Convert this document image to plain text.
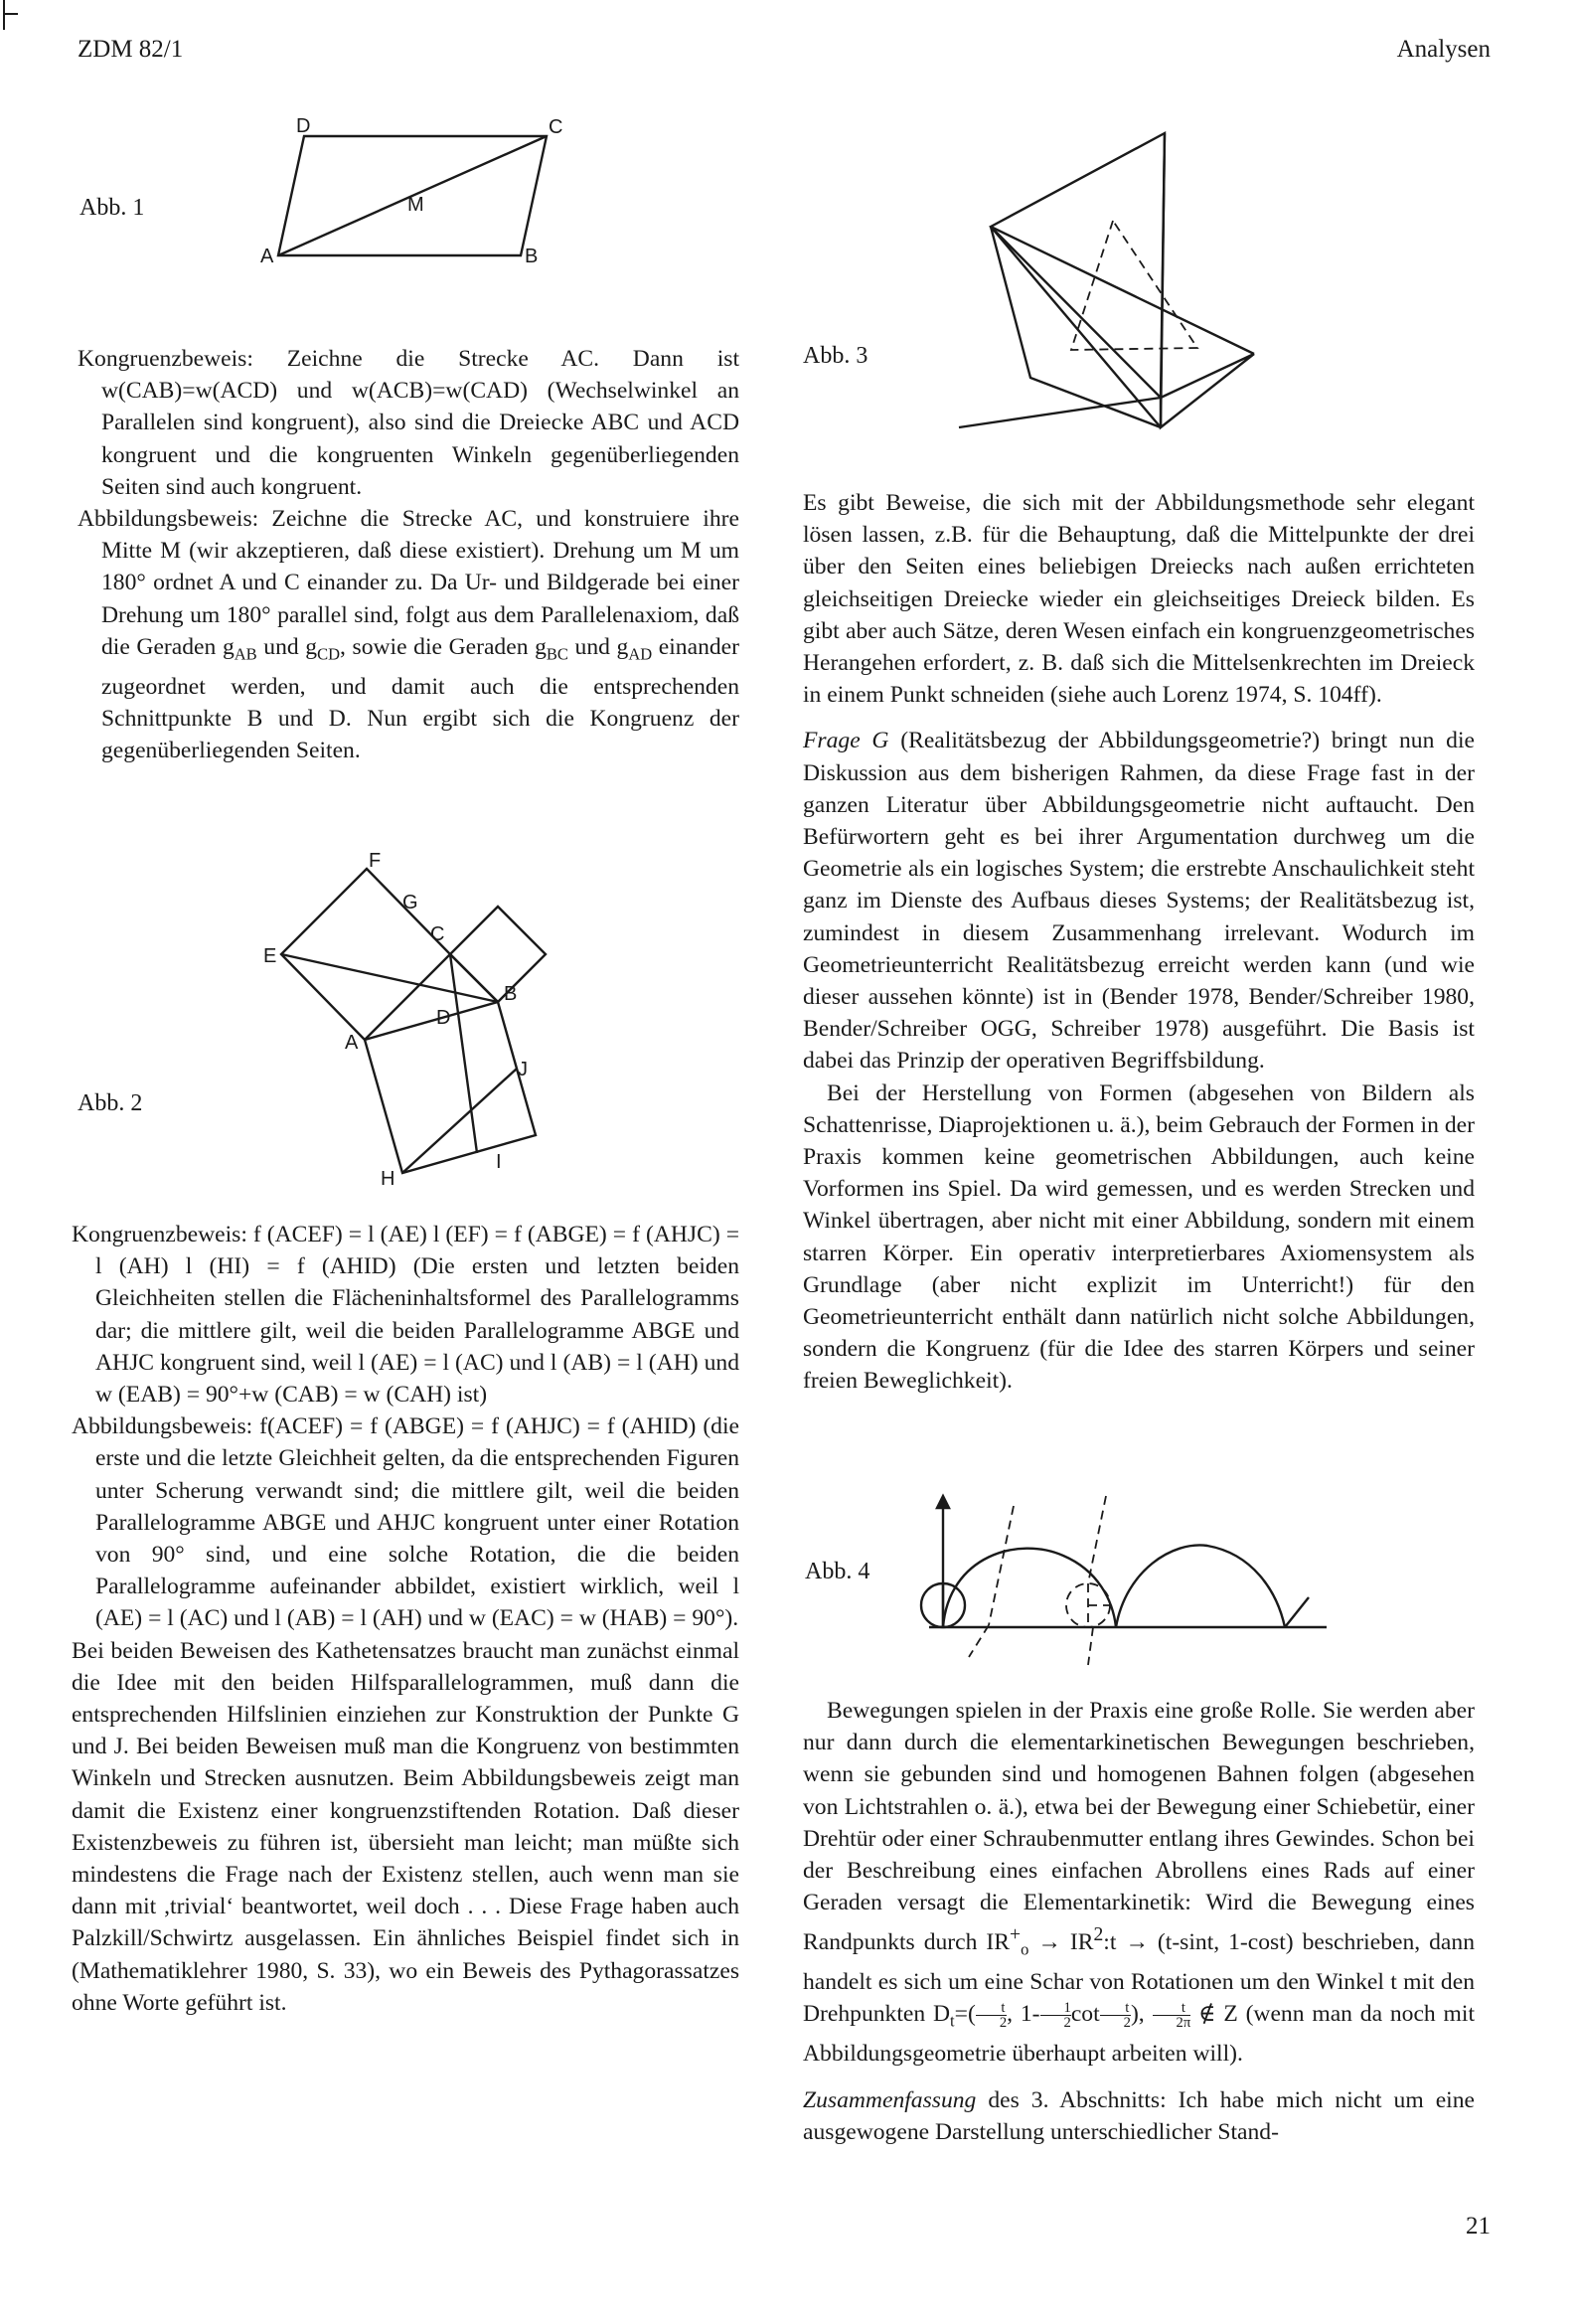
ZDM 82/1	Analysen
Abb. 1
D	C
M
A	B

Kongruenzbeweis: Zeichne die Strecke AC. Dann ist w(CAB)=w(ACD) und w(ACB)=w(CAD) (Wechselwinkel an Parallelen sind kongruent), also sind die Dreiecke ABC und ACD kongruent und die kongruenten Winkeln gegenüberliegenden Seiten sind auch kongruent.

Abbildungsbeweis: Zeichne die Strecke AC, und konstruiere ihre Mitte M (wir akzeptieren, daß diese existiert). Drehung um M um 180° ordnet A und C einander zu. Da Ur- und Bildgerade bei einer Drehung um 180° parallel sind, folgt aus dem Parallelenaxiom, daß die Geraden $g_{AB}$ und $g_{CD}$, sowie die Geraden $g_{BC}$ und $g_{AD}$ einander zugeordnet werden, und damit auch die entsprechenden Schnittpunkte B und D. Nun ergibt sich die Kongruenz der gegenüberliegenden Seiten.

Abb. 2
F
G
C
E
B
D
A
J
H
I

Kongruenzbeweis: f (ACEF) = l (AE) l (EF) = f (ABGE) = f (AHJC) = l (AH) l (HI) = f (AHID) (Die ersten und letzten beiden Gleichheiten stellen die Flächeninhaltsformel des Parallelogramms dar; die mittlere gilt, weil die beiden Parallelogramme ABGE und AHJC kongruent sind, weil l (AE) = l (AC) und l (AB) = l (AH) und w (EAB) = 90°+w (CAB) = w (CAH) ist)

Abbildungsbeweis: f(ACEF) = f (ABGE) = f (AHJC) = f (AHID) (die erste und die letzte Gleichheit gelten, da die entsprechenden Figuren unter Scherung verwandt sind; die mittlere gilt, weil die beiden Parallelogramme ABGE und AHJC kongruent unter einer Rotation von 90° sind, und eine solche Rotation, die die beiden Parallelogramme aufeinander abbildet, existiert wirklich, weil l (AE) = l (AC) und l (AB) = l (AH) und w (EAC) = w (HAB) = 90°).

Bei beiden Beweisen des Kathetensatzes braucht man zunächst einmal die Idee mit den beiden Hilfsparallelogrammen, muß dann die entsprechenden Hilfslinien einziehen zur Konstruktion der Punkte G und J. Bei beiden Beweisen muß man die Kongruenz von bestimmten Winkeln und Strecken ausnutzen. Beim Abbildungsbeweis zeigt man damit die Existenz einer kongruenzstiftenden Rotation. Daß dieser Existenzbeweis zu führen ist, übersieht man leicht; man müßte sich mindestens die Frage nach der Existenz stellen, auch wenn man sie dann mit ,trivial‘ beantwortet, weil doch . . . Diese Frage haben auch Palzkill/Schwirtz ausgelassen. Ein ähnliches Beispiel findet sich in (Mathematiklehrer 1980, S. 33), wo ein Beweis des Pythagorassatzes ohne Worte geführt ist.

Abb. 3

Es gibt Beweise, die sich mit der Abbildungsmethode sehr elegant lösen lassen, z.B. für die Behauptung, daß die Mittelpunkte der drei über den Seiten eines beliebigen Dreiecks nach außen errichteten gleichseitigen Dreiecke wieder ein gleichseitiges Dreieck bilden. Es gibt aber auch Sätze, deren Wesen einfach ein kongruenzgeometrisches Herangehen erfordert, z. B. daß sich die Mittelsenkrechten im Dreieck in einem Punkt schneiden (siehe auch Lorenz 1974, S. 104ff).

Frage G (Realitätsbezug der Abbildungsgeometrie?) bringt nun die Diskussion aus dem bisherigen Rahmen, da diese Frage fast in der ganzen Literatur über Abbildungsgeometrie nicht auftaucht. Den Befürwortern geht es bei ihrer Argumentation durchweg um die Geometrie als ein logisches System; die erstrebte Anschaulichkeit steht ganz im Dienste des Aufbaus dieses Systems; der Realitätsbezug ist, zumindest in diesem Zusammenhang irrelevant. Wodurch im Geometrieunterricht Realitätsbezug erreicht werden kann (und wie dieser aussehen könnte) ist in (Bender 1978, Bender/Schreiber 1980, Bender/Schreiber OGG, Schreiber 1978) ausgeführt. Die Basis ist dabei das Prinzip der operativen Begriffsbildung.

Bei der Herstellung von Formen (abgesehen von Bildern als Schattenrisse, Diaprojektionen u. ä.), beim Gebrauch der Formen in der Praxis kommen keine geometrischen Abbildungen, auch keine Vorformen ins Spiel. Da wird gemessen, und es werden Strecken und Winkel übertragen, aber nicht mit einer Abbildung, sondern mit einem starren Körper. Ein operativ interpretierbares Axiomensystem als Grundlage (aber nicht explizit im Unterricht!) für den Geometrieunterricht enthält dann natürlich nicht solche Abbildungen, sondern die Kongruenz (für die Idee des starren Körpers und seiner freien Beweglichkeit).

Abb. 4

Bewegungen spielen in der Praxis eine große Rolle. Sie werden aber nur dann durch die elementarkinetischen Bewegungen beschrieben, wenn sie gebunden sind und homogenen Bahnen folgen (abgesehen von Lichtstrahlen o. ä.), etwa bei der Bewegung einer Schiebetür, einer Drehtür oder einer Schraubenmutter entlang ihres Gewindes. Schon bei der Beschreibung eines einfachen Abrollens eines Rads auf einer Geraden versagt die Elementarkinetik: Wird die Bewegung eines Randpunkts durch $IR^+_o$ → $IR^2:t \to (t-\sin t$, 1-cost) beschrieben, dann handelt es sich um eine Schar von Rotationen um den Winkel t mit den Drehpunkten $D_t=( \frac{t}{2}$ , $1- \frac{1}{2}$ $\cot \frac{t}{2}$ ), $\frac{t}{2\pi}$ ∉ Z (wenn man da noch mit Abbildungsgeometrie überhaupt arbeiten will).

Zusammenfassung des 3. Abschnitts: Ich habe mich nicht um eine ausgewogene Darstellung unterschiedlicher Stand-

21
